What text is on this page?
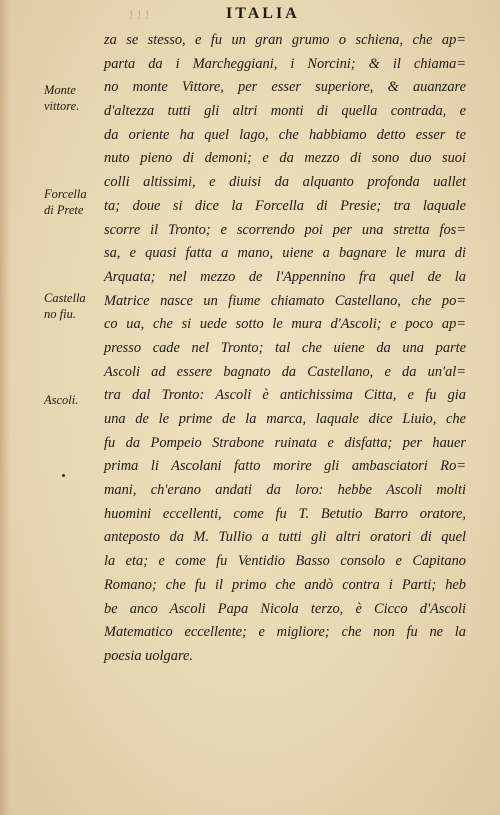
111	ITALIA
Monte
vittore.
Forcella
di Prete
Castella
no fiu.
Ascoli.
za se stesso, e fu un gran grumo o schiena, che ap=
parta da i Marcheggiani, i Norcini; & il chiama=
no monte Vittore, per esser superiore, & auanzare
d'altezza tutti gli altri monti di quella contrada, e
da oriente ha quel lago, che habbiamo detto esser te
nuto pieno di demoni; e da mezzo di sono duo suoi
colli altissimi, e diuisi da alquanto profonda uallet
ta; doue si dice la Forcella di Presie; tra laquale
scorre il Tronto; e scorrendo poi per una stretta fos=
sa, e quasi fatta a mano, uiene a bagnare le mura di
Arquata; nel mezzo de l'Appennino fra quel de la
Matrice nasce un fiume chiamato Castellano, che po=
co ua, che si uede sotto le mura d'Ascoli; e poco ap=
presso cade nel Tronto; tal che uiene da una parte
Ascoli ad essere bagnato da Castellano, e da un'al=
tra dal Tronto: Ascoli è antichissima Citta, e fu gia
una de le prime de la marca, laquale dice Liuio, che
fu da Pompeio Strabone ruinata e disfatta; per hauer
prima li Ascolani fatto morire gli ambasciatori Ro=
mani, ch'erano andati da loro: hebbe Ascoli molti
huomini eccellenti, come fu T. Betutio Barro oratore,
anteposto da M. Tullio a tutti gli altri oratori di quel
la eta; e come fu Ventidio Basso consolo e Capitano
Romano; che fu il primo che andò contra i Parti; heb
be anco Ascoli Papa Nicola terzo, è Cicco d'Ascoli
Matematico eccellente; e migliore; che non fu ne la
poesia uolgare.
